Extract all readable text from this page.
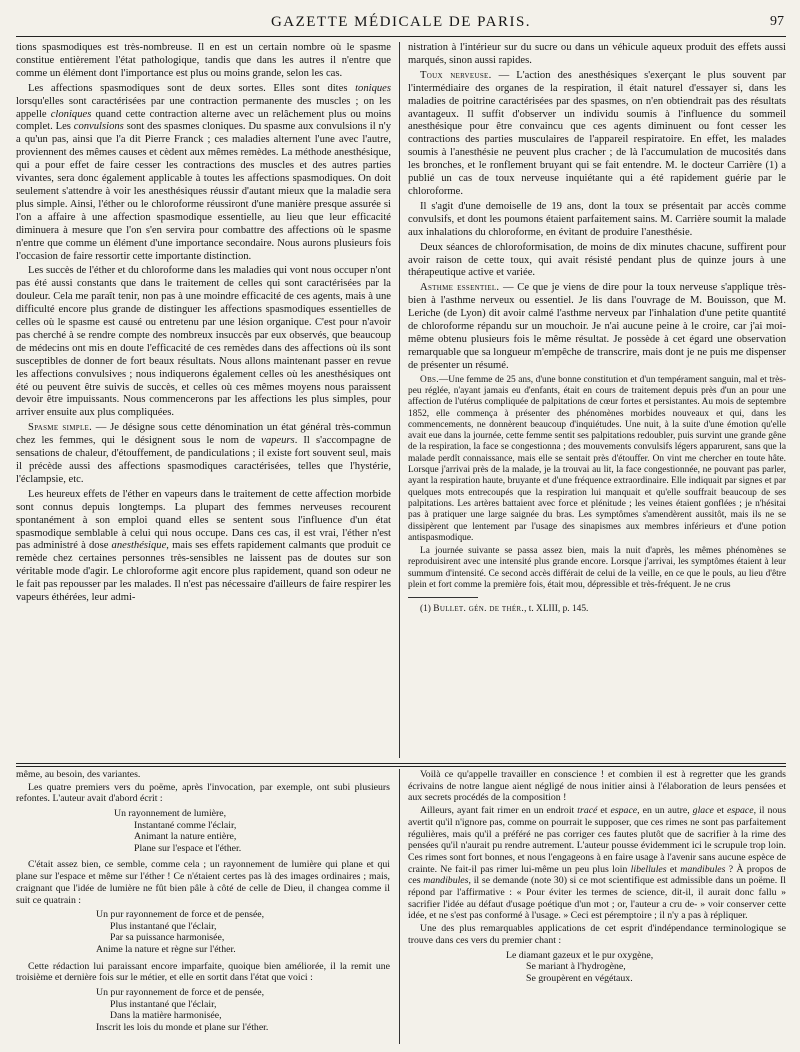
GAZETTE MÉDICALE DE PARIS.	97

tions spasmodiques est très-nombreuse. Il en est un certain nombre où le spasme constitue entièrement l'état pathologique, tandis que dans les autres il n'entre que comme un élément dont l'importance est plus ou moins grande, selon les cas.

Les affections spasmodiques sont de deux sortes. Elles sont dites toniques lorsqu'elles sont caractérisées par une contraction permanente des muscles ; on les appelle cloniques quand cette contraction alterne avec un relâchement plus ou moins complet. Les convulsions sont des spasmes cloniques. Du spasme aux convulsions il n'y a qu'un pas, ainsi que l'a dit Pierre Franck ; ces maladies alternent l'une avec l'autre, proviennent des mêmes causes et cèdent aux mêmes remèdes. La méthode anesthésique, qui a pour effet de faire cesser les contractions des muscles et des autres parties vivantes, sera donc également applicable à toutes les affections spasmodiques. On doit seulement s'attendre à voir les anesthésiques réussir d'autant mieux que la maladie sera plus simple. Ainsi, l'éther ou le chloroforme réussiront d'une manière presque assurée si l'on a affaire à une affection spasmodique essentielle, au lieu que leur efficacité diminuera à mesure que l'on s'en servira pour combattre des affections où le spasme n'entre que comme un élément d'une importance secondaire. Nous aurons plusieurs fois l'occasion de faire ressortir cette importante distinction.

Les succès de l'éther et du chloroforme dans les maladies qui vont nous occuper n'ont pas été aussi constants que dans le traitement de celles qui sont caractérisées par la douleur. Cela me paraît tenir, non pas à une moindre efficacité de ces agents, mais à une difficulté encore plus grande de distinguer les affections spasmodiques essentielles de celles où le spasme est causé ou entretenu par une lésion organique. C'est pour n'avoir pas cherché à se rendre compte des nombreux insuccès par eux observés, que beaucoup de médecins ont mis en doute l'efficacité de ces remèdes dans des affections où ils sont susceptibles de donner de fort beaux résultats. Nous allons maintenant passer en revue les affections convulsives ; nous indiquerons également celles où les anesthésiques ont été ou peuvent être suivis de succès, et celles où ces mêmes moyens nous paraissent devoir être impuissants. Nous commencerons par les affections les plus simples, pour arriver ensuite aux plus compliquées.

Spasme simple. — Je désigne sous cette dénomination un état général très-commun chez les femmes, qui le désignent sous le nom de vapeurs. Il s'accompagne de sensations de chaleur, d'étouffement, de pandiculations ; il existe fort souvent seul, mais il précède aussi des affections spasmodiques caractérisées, telles que l'hystérie, l'éclampsie, etc.

Les heureux effets de l'éther en vapeurs dans le traitement de cette affection morbide sont connus depuis longtemps. La plupart des femmes nerveuses recourent spontanément à son emploi quand elles se sentent sous l'influence d'un état spasmodique semblable à celui qui nous occupe. Dans ces cas, il est vrai, l'éther n'est pas administré à dose anesthésique, mais ses effets rapidement calmants que produit ce remède chez certaines personnes très-sensibles ne laissent pas de doutes sur son véritable mode d'agir. Le chloroforme agit encore plus rapidement, quand son odeur ne le fait pas repousser par les malades. Il n'est pas nécessaire d'ailleurs de faire respirer les vapeurs éthérées, leur admi-

nistration à l'intérieur sur du sucre ou dans un véhicule aqueux produit des effets aussi marqués, sinon aussi rapides.

Toux nerveuse. — L'action des anesthésiques s'exerçant le plus souvent par l'intermédiaire des organes de la respiration, il était naturel d'essayer si, dans les maladies de poitrine caractérisées par des spasmes, on n'en obtiendrait pas des résultats avantageux. Il suffit d'observer un individu soumis à l'influence du sommeil anesthésique pour être convaincu que ces agents diminuent ou font cesser les contractions des parties musculaires de l'appareil respiratoire. En effet, les malades soumis à l'anesthésie ne peuvent plus cracher ; de là l'accumulation de mucosités dans les bronches, et le ronflement bruyant qui se fait entendre. M. le docteur Carrière (1) a publié un cas de toux nerveuse inquiétante qui a été rapidement guérie par le chloroforme.

Il s'agit d'une demoiselle de 19 ans, dont la toux se présentait par accès comme convulsifs, et dont les poumons étaient parfaitement sains. M. Carrière soumit la malade aux inhalations du chloroforme, en évitant de produire l'anesthésie.

Deux séances de chloroformisation, de moins de dix minutes chacune, suffirent pour avoir raison de cette toux, qui avait résisté pendant plus de quinze jours à une thérapeutique active et variée.

Asthme essentiel. — Ce que je viens de dire pour la toux nerveuse s'applique très-bien à l'asthme nerveux ou essentiel. Je lis dans l'ouvrage de M. Bouisson, que M. Leriche (de Lyon) dit avoir calmé l'asthme nerveux par l'inhalation d'une petite quantité de chloroforme répandu sur un mouchoir. Je n'ai aucune peine à le croire, car j'ai moi-même obtenu plusieurs fois le même résultat. Je possède à cet égard une observation remarquable que sa longueur m'empêche de transcrire, mais dont je ne puis me dispenser de présenter un résumé.

Obs.—Une femme de 25 ans, d'une bonne constitution et d'un tempérament sanguin, mal et très-peu réglée, n'ayant jamais eu d'enfants, était en cours de traitement depuis près d'un an pour une affection de l'utérus compliquée de palpitations de cœur fortes et persistantes. Au mois de septembre 1852, elle commença à présenter des phénomènes morbides nouveaux et qui, dans les commencements, ne donnèrent beaucoup d'inquiétudes. Une nuit, à la suite d'une émotion qu'elle avait eue dans la journée, cette femme sentit ses palpitations redoubler, puis survint une grande gêne de la respiration, la face se congestionna ; des mouvements convulsifs légers apparurent, sans que la malade perdît connaissance, mais elle se sentait près d'étouffer. On vint me chercher en toute hâte. Lorsque j'arrivai près de la malade, je la trouvai au lit, la face congestionnée, ne pouvant pas parler, ayant la respiration haute, bruyante et d'une fréquence extraordinaire. Elle indiquait par signes et par quelques mots entrecoupés que la respiration lui manquait et qu'elle souffrait beaucoup de ses palpitations. Les artères battaient avec force et plénitude ; les veines étaient gonflées ; je n'hésitai pas à pratiquer une large saignée du bras. Les symptômes s'amendèrent aussitôt, mais ils ne se dissipèrent que lentement par l'usage des sinapismes aux membres inférieurs et d'une potion antispasmodique.

La journée suivante se passa assez bien, mais la nuit d'après, les mêmes phénomènes se reproduisirent avec une intensité plus grande encore. Lorsque j'arrivai, les symptômes étaient à leur summum d'intensité. Ce second accès différait de celui de la veille, en ce que le pouls, au lieu d'être plein et fort comme la première fois, était mou, dépressible et très-fréquent. Je ne crus

(1) Bullet. gén. de thér., t. XLIII, p. 145.

même, au besoin, des variantes.

Les quatre premiers vers du poëme, après l'invocation, par exemple, ont subi plusieurs refontes. L'auteur avait d'abord écrit :

Un rayonnement de lumière,
Instantané comme l'éclair,
Animant la nature entière,
Plane sur l'espace et l'éther.

C'était assez bien, ce semble, comme cela ; un rayonnement de lumière qui plane et qui plane sur l'espace et même sur l'éther ! Ce n'étaient certes pas là des images ordinaires ; mais, craignant que l'idée de lumière ne fût bien pâle à côté de celle de Dieu, il changea comme il suit ce quatrain :

Un pur rayonnement de force et de pensée,
Plus instantané que l'éclair,
Par sa puissance harmonisée,
Anime la nature et règne sur l'éther.

Cette rédaction lui paraissant encore imparfaite, quoique bien améliorée, il la remit une troisième et dernière fois sur le métier, et elle en sortit dans l'état que voici :

Un pur rayonnement de force et de pensée,
Plus instantané que l'éclair,
Dans la matière harmonisée,
Inscrit les lois du monde et plane sur l'éther.

Voilà ce qu'appelle travailler en conscience ! et combien il est à regretter que les grands écrivains de notre langue aient négligé de nous initier ainsi à l'élaboration de leurs pensées et aux secrets procédés de la composition !

Ailleurs, ayant fait rimer en un endroit tracé et espace, en un autre, glace et espace, il nous avertit qu'il n'ignore pas, comme on pourrait le supposer, que ces rimes ne sont pas parfaitement régulières, mais qu'il a préféré ne pas corriger ces fautes plutôt que de sacrifier à la rime des pensées qu'il n'aurait pu rendre autrement. L'auteur pousse évidemment ici le scrupule trop loin. Ces rimes sont fort bonnes, et nous l'engageons à en faire usage à l'avenir sans aucune espèce de crainte. Ne fait-il pas rimer lui-même un peu plus loin libellules et mandibules ? À propos de ces mandibules, il se demande (note 30) si ce mot scientifique est admissible dans un poëme. Il répond par l'affirmative : « Pour éviter les termes de science, dit-il, il aurait donc fallu » sacrifier l'idée au défaut d'usage poétique d'un mot ; or, l'auteur a cru de- » voir conserver cette idée, et ne s'est pas conformé à l'usage. » Ceci est péremptoire ; il n'y a pas à répliquer.

Une des plus remarquables applications de cet esprit d'indépendance terminologique se trouve dans ces vers du premier chant :

Le diamant gazeux et le pur oxygène,
Se mariant à l'hydrogène,
Se groupèrent en végétaux.
